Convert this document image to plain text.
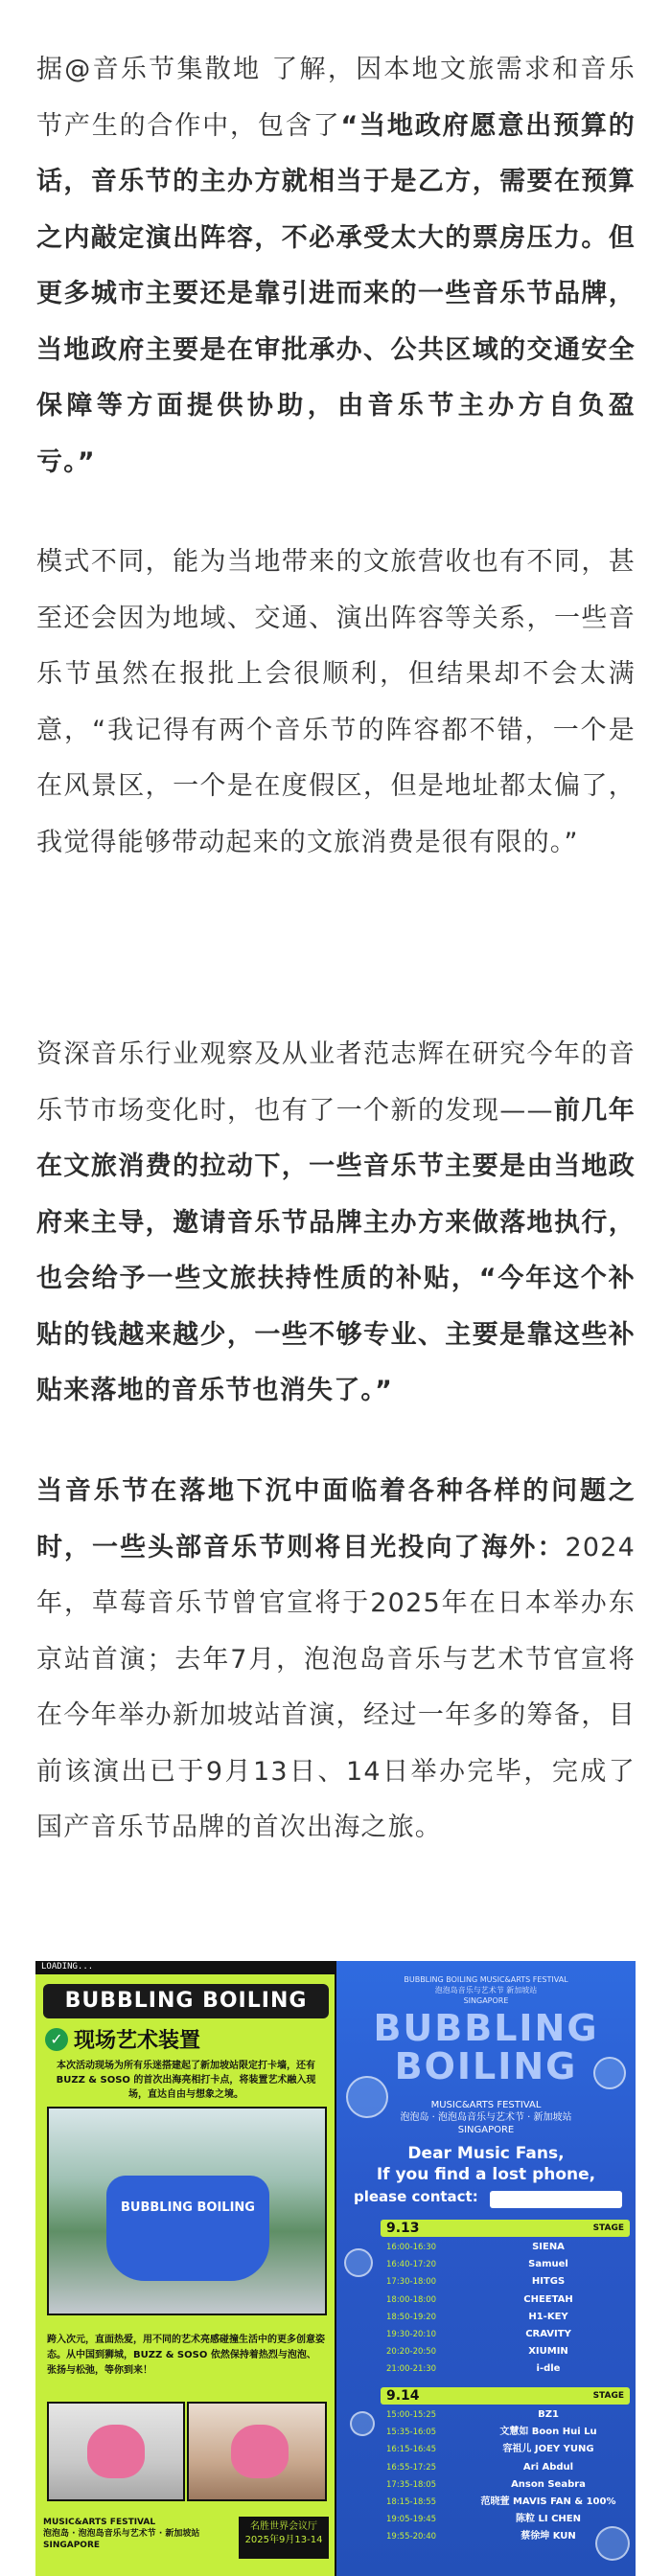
据@音乐节集散地 了解，因本地文旅需求和音乐节产生的合作中，包含了“当地政府愿意出预算的话，音乐节的主办方就相当于是乙方，需要在预算之内敲定演出阵容，不必承受太大的票房压力。但更多城市主要还是靠引进而来的一些音乐节品牌，当地政府主要是在审批承办、公共区域的交通安全保障等方面提供协助，由音乐节主办方自负盈亏。”

模式不同，能为当地带来的文旅营收也有不同，甚至还会因为地域、交通、演出阵容等关系，一些音乐节虽然在报批上会很顺利，但结果却不会太满意，“我记得有两个音乐节的阵容都不错，一个是在风景区，一个是在度假区，但是地址都太偏了，我觉得能够带动起来的文旅消费是很有限的。”

资深音乐行业观察及从业者范志辉在研究今年的音乐节市场变化时，也有了一个新的发现——前几年在文旅消费的拉动下，一些音乐节主要是由当地政府来主导，邀请音乐节品牌主办方来做落地执行，也会给予一些文旅扶持性质的补贴，“今年这个补贴的钱越来越少，一些不够专业、主要是靠这些补贴来落地的音乐节也消失了。”

当音乐节在落地下沉中面临着各种各样的问题之时，一些头部音乐节则将目光投向了海外：2024年，草莓音乐节曾官宣将于2025年在日本举办东京站首演；去年7月，泡泡岛音乐与艺术节官宣将在今年举办新加坡站首演，经过一年多的筹备，目前该演出已于9月13日、14日举办完毕，完成了国产音乐节品牌的首次出海之旅。

LOADING...
BUBBLING BOILING
✓ 现场艺术装置
本次活动现场为所有乐迷搭建起了新加坡站限定打卡墙，还有 BUZZ & SOSO 的首次出海亮相打卡点，将装置艺术融入现场，直达自由与想象之境。
BUBBLING BOILING
跨入次元，直面热爱，用不同的艺术亮感碰撞生活中的更多创意姿态。从中国到狮城，BUZZ & SOSO 依然保持着热烈与泡泡、张扬与松弛，等你到来！
MUSIC&ARTS FESTIVAL
泡泡岛 · 泡泡岛音乐与艺术节 · 新加坡站
SINGAPORE
名胜世界会议厅
2025年9月13-14
BUBBLING BOILING MUSIC&ARTS FESTIVAL
泡泡岛音乐与艺术节 新加坡站
SINGAPORE
BUBBLING BOILING
MUSIC&ARTS FESTIVAL
泡泡岛 · 泡泡岛音乐与艺术节 · 新加坡站
SINGAPORE
Dear Music Fans,
If you find a lost phone,
please contact:
9.13	STAGE
16:00-16:30	SIENA
16:40-17:20	Samuel
17:30-18:00	HITGS
18:00-18:00	CHEETAH
18:50-19:20	H1-KEY
19:30-20:10	CRAVITY
20:20-20:50	XIUMIN
21:00-21:30	i-dle
9.14	STAGE
15:00-15:25	BZ1
15:35-16:05	文慧如 Boon Hui Lu
16:15-16:45	容祖儿 JOEY YUNG
16:55-17:25	Ari Abdul
17:35-18:05	Anson Seabra
18:15-18:55	范晓萱 MAVIS FAN & 100%
19:05-19:45	陈粒 LI CHEN
19:55-20:40	蔡徐坤 KUN
